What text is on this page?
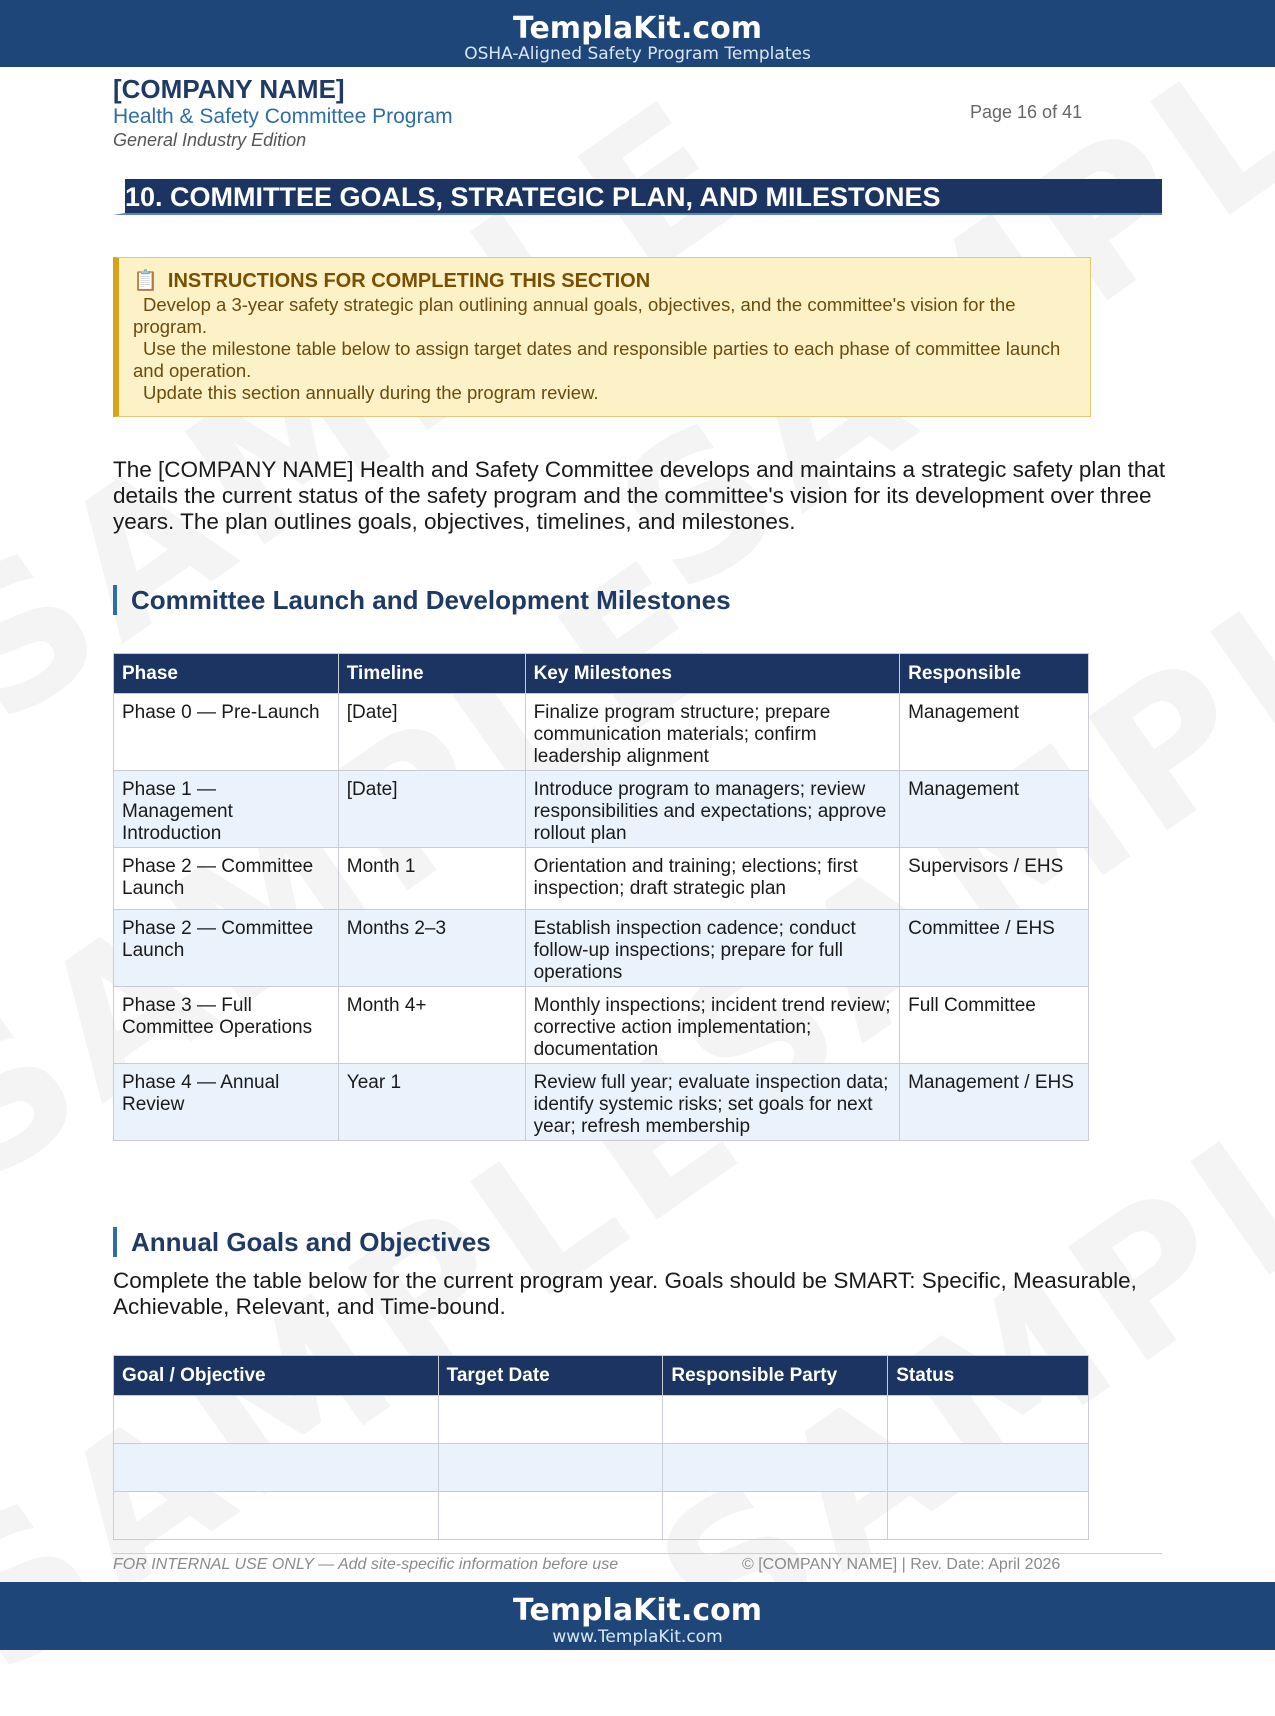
TemplaKit.com
OSHA-Aligned Safety Program Templates
[COMPANY NAME]
Health & Safety Committee Program
General Industry Edition
Page 16 of 41
10. COMMITTEE GOALS, STRATEGIC PLAN, AND MILESTONES
📋 INSTRUCTIONS FOR COMPLETING THIS SECTION
Develop a 3-year safety strategic plan outlining annual goals, objectives, and the committee's vision for the program.
Use the milestone table below to assign target dates and responsible parties to each phase of committee launch and operation.
Update this section annually during the program review.
The [COMPANY NAME] Health and Safety Committee develops and maintains a strategic safety plan that details the current status of the safety program and the committee's vision for its development over three years. The plan outlines goals, objectives, timelines, and milestones.
Committee Launch and Development Milestones
Phase	Timeline	Key Milestones	Responsible
Phase 0 — Pre-Launch	[Date]	Finalize program structure; prepare communication materials; confirm leadership alignment	Management
Phase 1 — Management Introduction	[Date]	Introduce program to managers; review responsibilities and expectations; approve rollout plan	Management
Phase 2 — Committee Launch	Month 1	Orientation and training; elections; first inspection; draft strategic plan	Supervisors / EHS
Phase 2 — Committee Launch	Months 2–3	Establish inspection cadence; conduct follow-up inspections; prepare for full operations	Committee / EHS
Phase 3 — Full Committee Operations	Month 4+	Monthly inspections; incident trend review; corrective action implementation; documentation	Full Committee
Phase 4 — Annual Review	Year 1	Review full year; evaluate inspection data; identify systemic risks; set goals for next year; refresh membership	Management / EHS
Annual Goals and Objectives
Complete the table below for the current program year. Goals should be SMART: Specific, Measurable, Achievable, Relevant, and Time-bound.
Goal / Objective	Target Date	Responsible Party	Status

FOR INTERNAL USE ONLY — Add site-specific information before use	© [COMPANY NAME] | Rev. Date: April 2026
TemplaKit.com
www.TemplaKit.com
